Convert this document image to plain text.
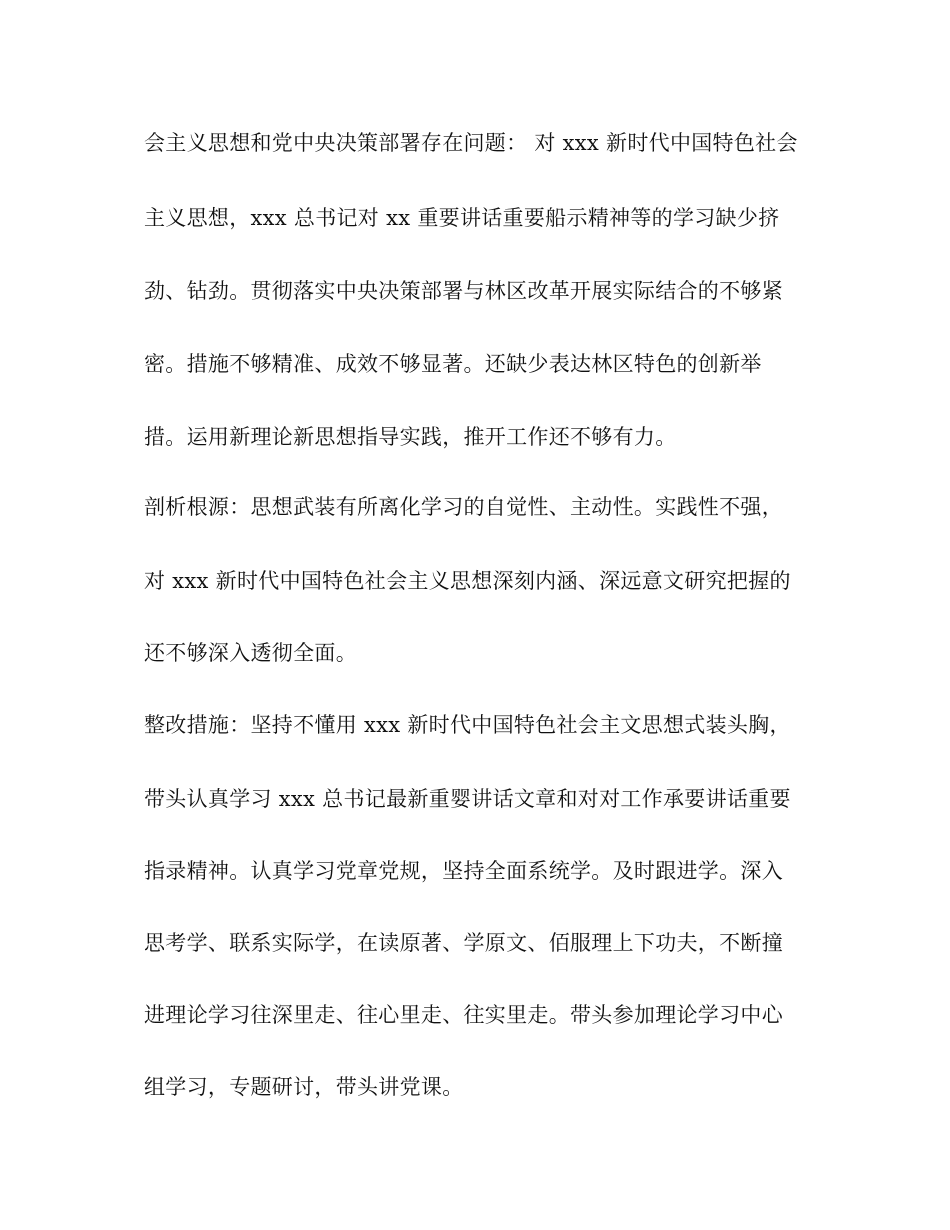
会主义思想和党中央决策部署存在问题： 对 xxx 新时代中国特色社会
主义思想，xxx 总书记对 xx 重要讲话重要船示精神等的学习缺少挤
劲、钻劲。贯彻落实中央决策部署与林区改革开展实际结合的不够紧
密。措施不够精准、成效不够显著。还缺少表达林区特色的创新举
措。运用新理论新思想指导实践，推开工作还不够有力。
剖析根源：思想武装有所离化学习的自觉性、主动性。实践性不强，
对 xxx 新时代中国特色社会主义思想深刻内涵、深远意文研究把握的
还不够深入透彻全面。
整改措施：坚持不懂用 xxx 新时代中国特色社会主文思想式装头胸，
带头认真学习 xxx 总书记最新重婴讲话文章和对对工作承要讲话重要
指录精神。认真学习党章党规，坚持全面系统学。及时跟进学。深入
思考学、联系实际学，在读原著、学原文、佰服理上下功夫，不断撞
进理论学习往深里走、往心里走、往实里走。带头参加理论学习中心
组学习，专题研讨，带头讲党课。
